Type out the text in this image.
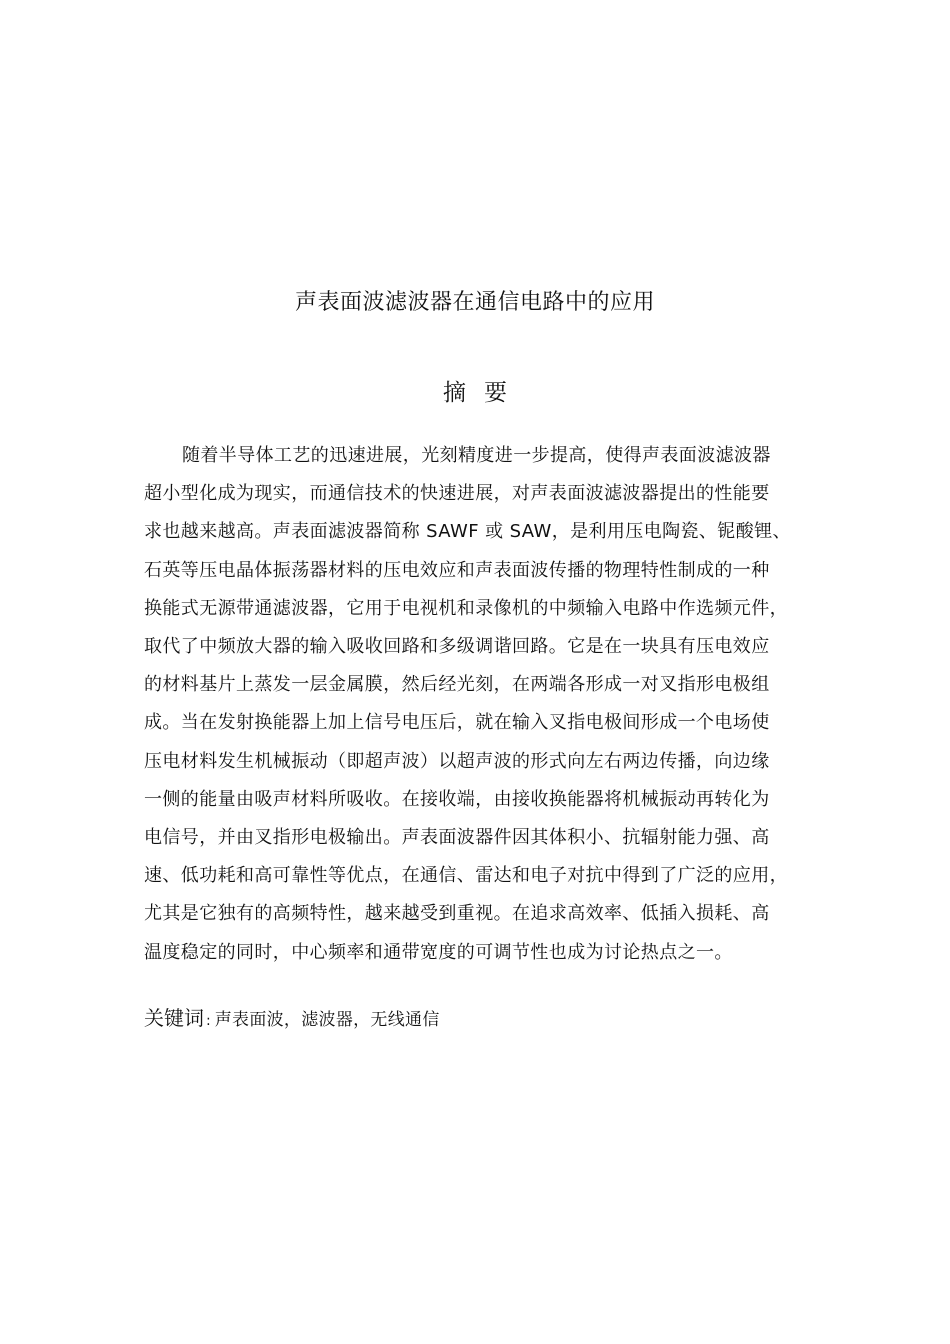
声表面波滤波器在通信电路中的应用
摘要

随着半导体工艺的迅速进展，光刻精度进一步提高，使得声表面波滤波器
超小型化成为现实，而通信技术的快速进展，对声表面波滤波器提出的性能要
求也越来越高。声表面滤波器简称 SAWF 或 SAW，是利用压电陶瓷、铌酸锂、
石英等压电晶体振荡器材料的压电效应和声表面波传播的物理特性制成的一种
换能式无源带通滤波器，它用于电视机和录像机的中频输入电路中作选频元件，
取代了中频放大器的输入吸收回路和多级调谐回路。它是在一块具有压电效应
的材料基片上蒸发一层金属膜，然后经光刻，在两端各形成一对叉指形电极组
成。当在发射换能器上加上信号电压后，就在输入叉指电极间形成一个电场使
压电材料发生机械振动（即超声波）以超声波的形式向左右两边传播，向边缘
一侧的能量由吸声材料所吸收。在接收端，由接收换能器将机械振动再转化为
电信号，并由叉指形电极输出。声表面波器件因其体积小、抗辐射能力强、高
速、低功耗和高可靠性等优点，在通信、雷达和电子对抗中得到了广泛的应用，
尤其是它独有的高频特性，越来越受到重视。在追求高效率、低插入损耗、高
温度稳定的同时，中心频率和通带宽度的可调节性也成为讨论热点之一。

关键词 : 声表面波，滤波器，无线通信
